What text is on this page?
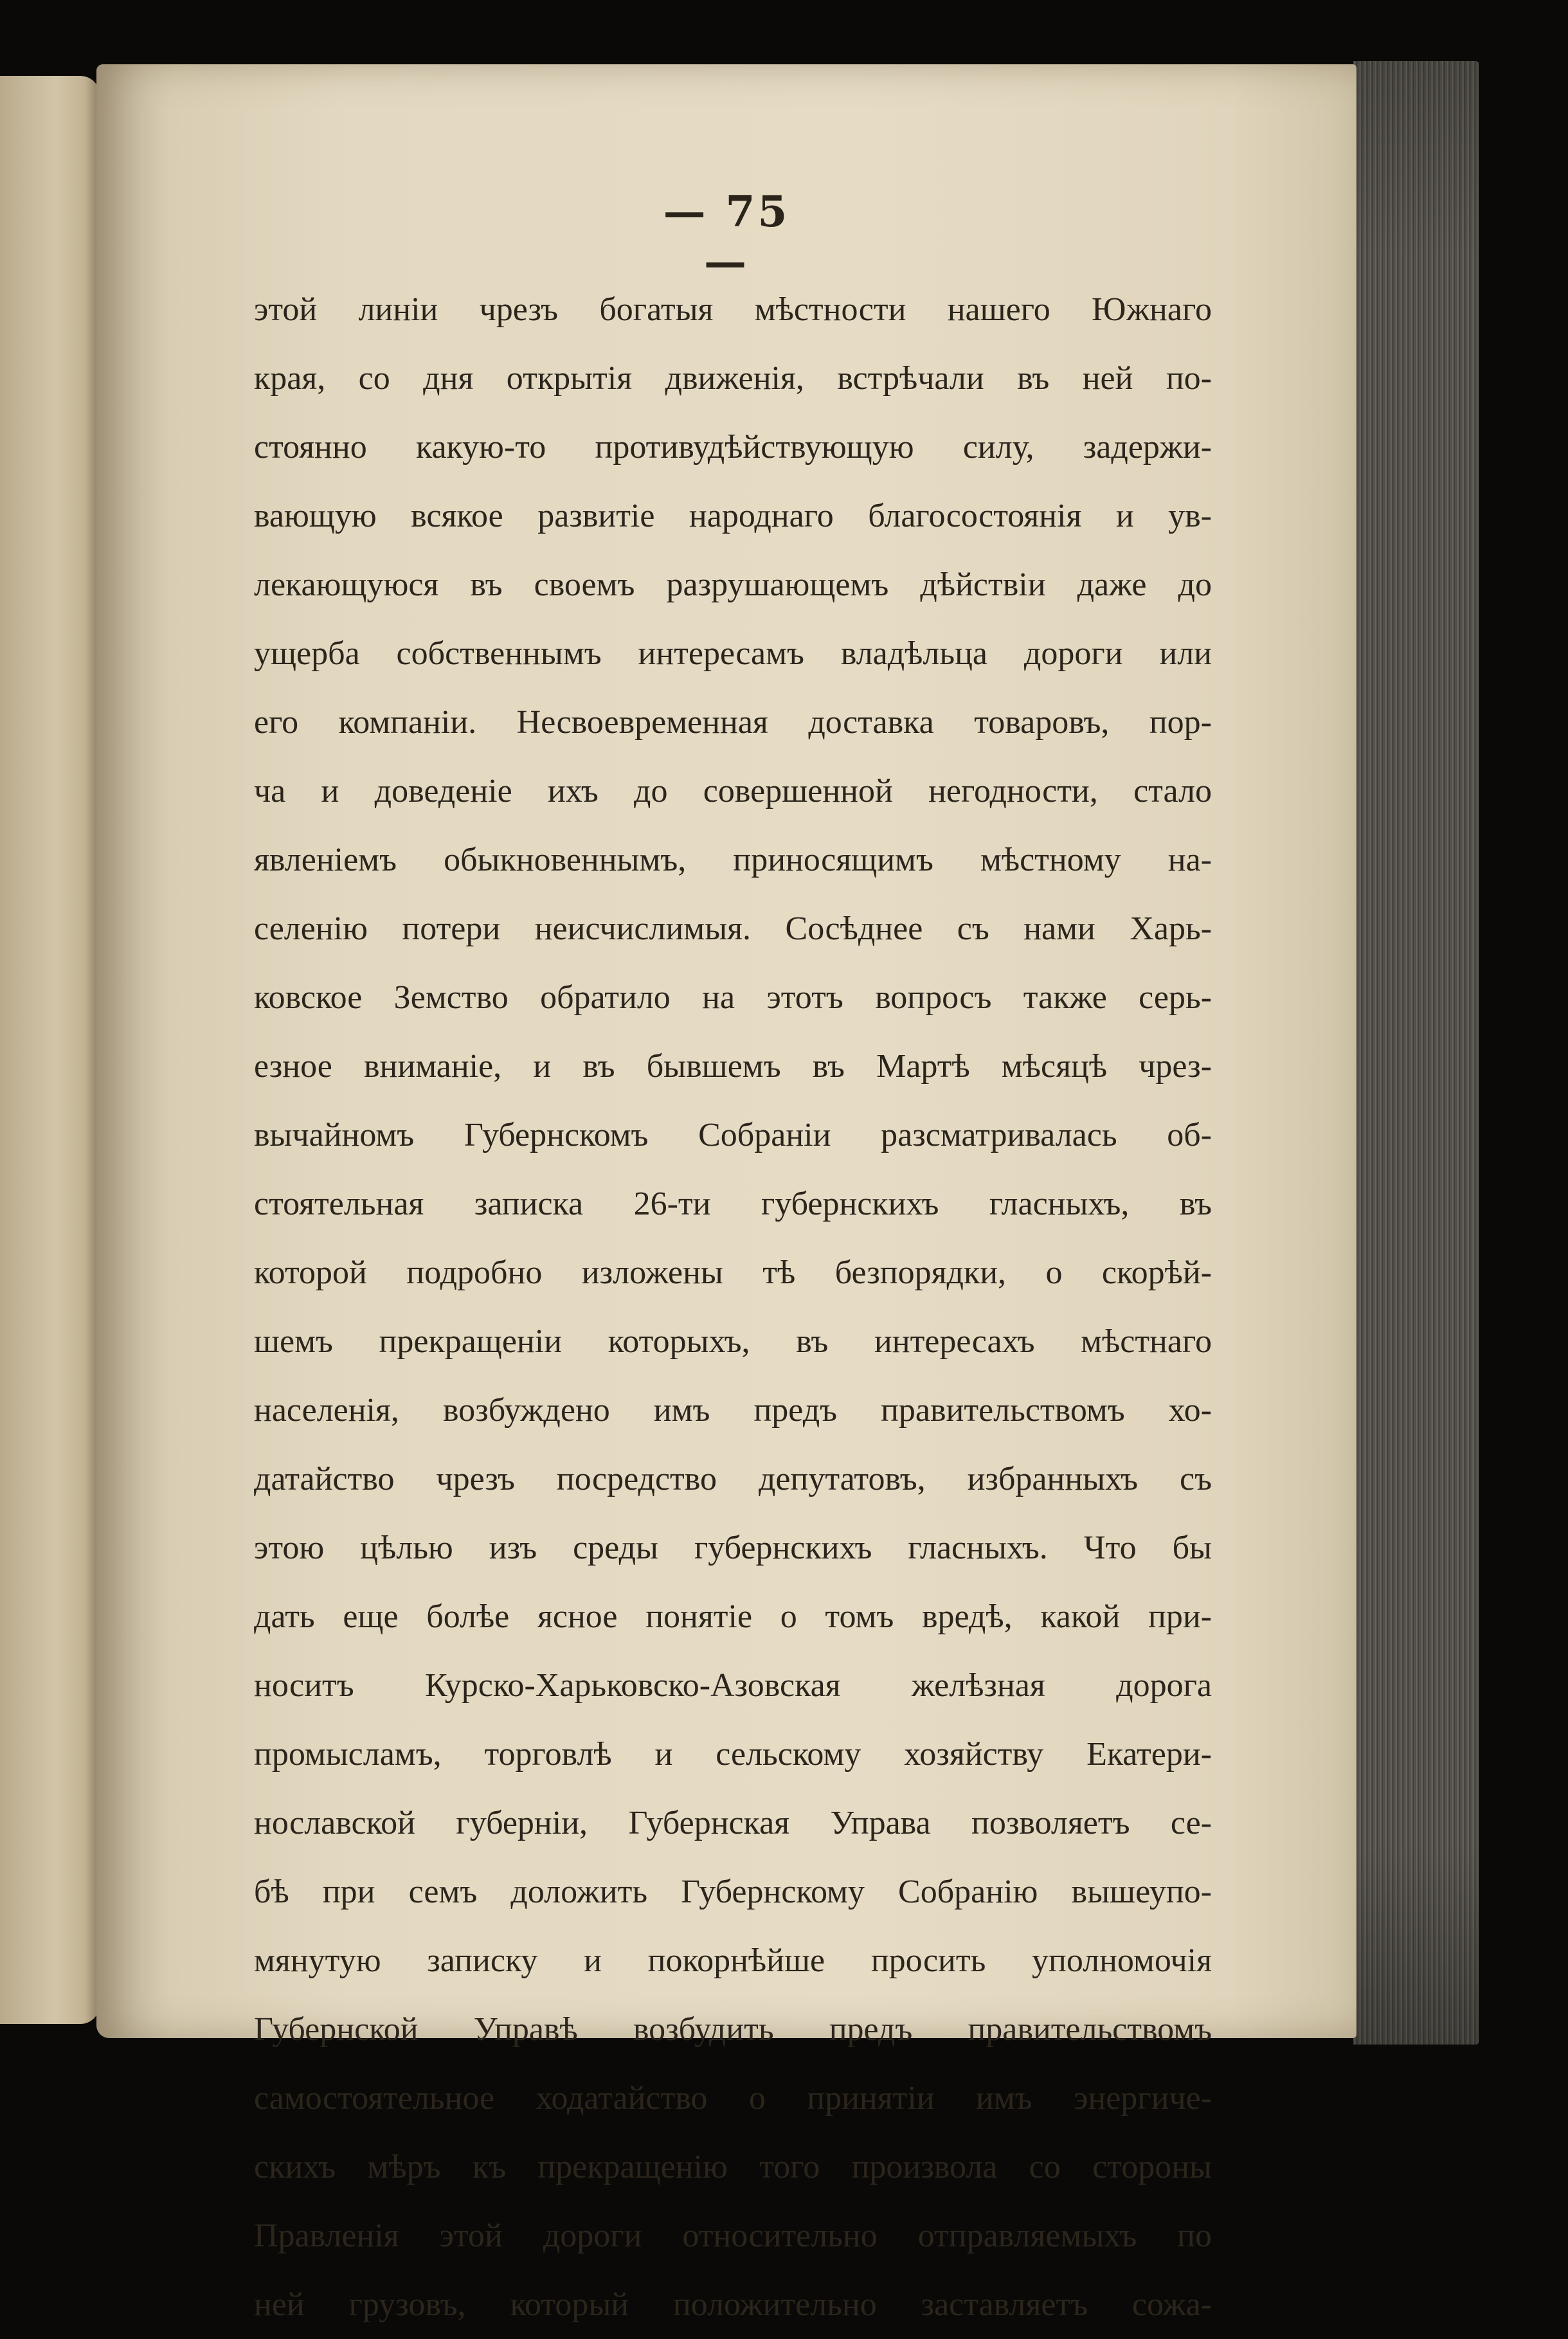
— 75 —
этой линіи чрезъ богатыя мѣстности нашего Южнаго
края, со дня открытія движенія, встрѣчали въ ней по-
стоянно какую-то противудѣйствующую силу, задержи-
вающую всякое развитіе народнаго благосостоянія и ув-
лекающуюся въ своемъ разрушающемъ дѣйствіи даже до
ущерба собственнымъ интересамъ владѣльца дороги или
его компаніи. Несвоевременная доставка товаровъ, пор-
ча и доведеніе ихъ до совершенной негодности, стало
явленіемъ обыкновеннымъ, приносящимъ мѣстному на-
селенію потери неисчислимыя. Сосѣднее съ нами Харь-
ковское Земство обратило на этотъ вопросъ также серь-
езное вниманіе, и въ бывшемъ въ Мартѣ мѣсяцѣ чрез-
вычайномъ Губернскомъ Собраніи разсматривалась об-
стоятельная записка 26-ти губернскихъ гласныхъ, въ
которой подробно изложены тѣ безпорядки, о скорѣй-
шемъ прекращеніи которыхъ, въ интересахъ мѣстнаго
населенія, возбуждено имъ предъ правительствомъ хо-
датайство чрезъ посредство депутатовъ, избранныхъ съ
этою цѣлью изъ среды губернскихъ гласныхъ. Что бы
дать еще болѣе ясное понятіе о томъ вредѣ, какой при-
носитъ Курско-Харьковско-Азовская желѣзная дорога
промысламъ, торговлѣ и сельскому хозяйству Екатери-
нославской губерніи, Губернская Управа позволяетъ се-
бѣ при семъ доложить Губернскому Собранію вышеупо-
мянутую записку и покорнѣйше просить уполномочія
Губернской Управѣ возбудить предъ правительствомъ
самостоятельное ходатайство о принятіи имъ энергиче-
скихъ мѣръ къ прекращенію того произвола со стороны
Правленія этой дороги относительно отправляемыхъ по
ней грузовъ, который положительно заставляетъ сожа-
